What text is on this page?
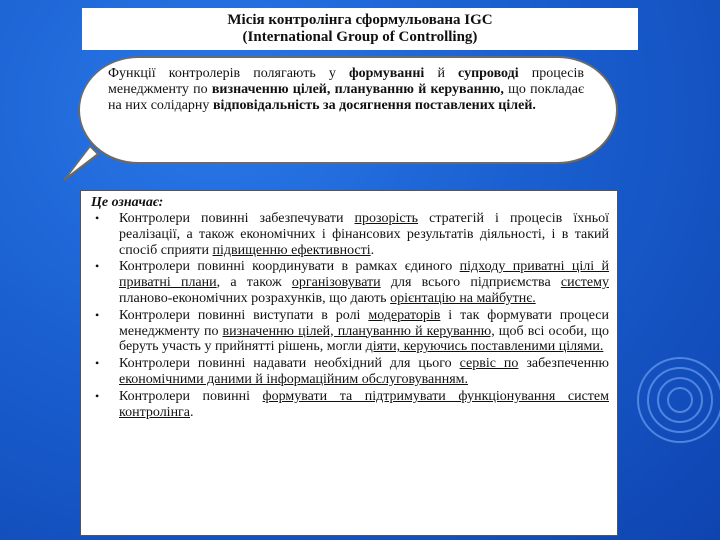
Місія контролінга сформульована IGC
(International Group of Controlling)
Функції контролерів полягають у формуванні й супроводі процесів менеджменту по визначенню цілей, плануванню й керуванню, що покладає на них солідарну відповідальність за досягнення поставлених цілей.
Це означає:
• Контролери повинні забезпечувати прозорість стратегій і процесів їхньої реалізації, а також економічних і фінансових результатів діяльності, і в такий спосіб сприяти підвищенню ефективності.
• Контролери повинні координувати в рамках єдиного підходу приватні цілі й приватні плани, а також організовувати для всього підприємства систему планово-економічних розрахунків, що дають орієнтацію на майбутнє.
• Контролери повинні виступати в ролі модераторів і так формувати процеси менеджменту по визначенню цілей, плануванню й керуванню, щоб всі особи, що беруть участь у прийнятті рішень, могли діяти, керуючись поставленими цілями.
• Контролери повинні надавати необхідний для цього сервіс по забезпеченню економічними даними й інформаційним обслуговуванням.
• Контролери повинні формувати та підтримувати функціонування систем контролінга.
